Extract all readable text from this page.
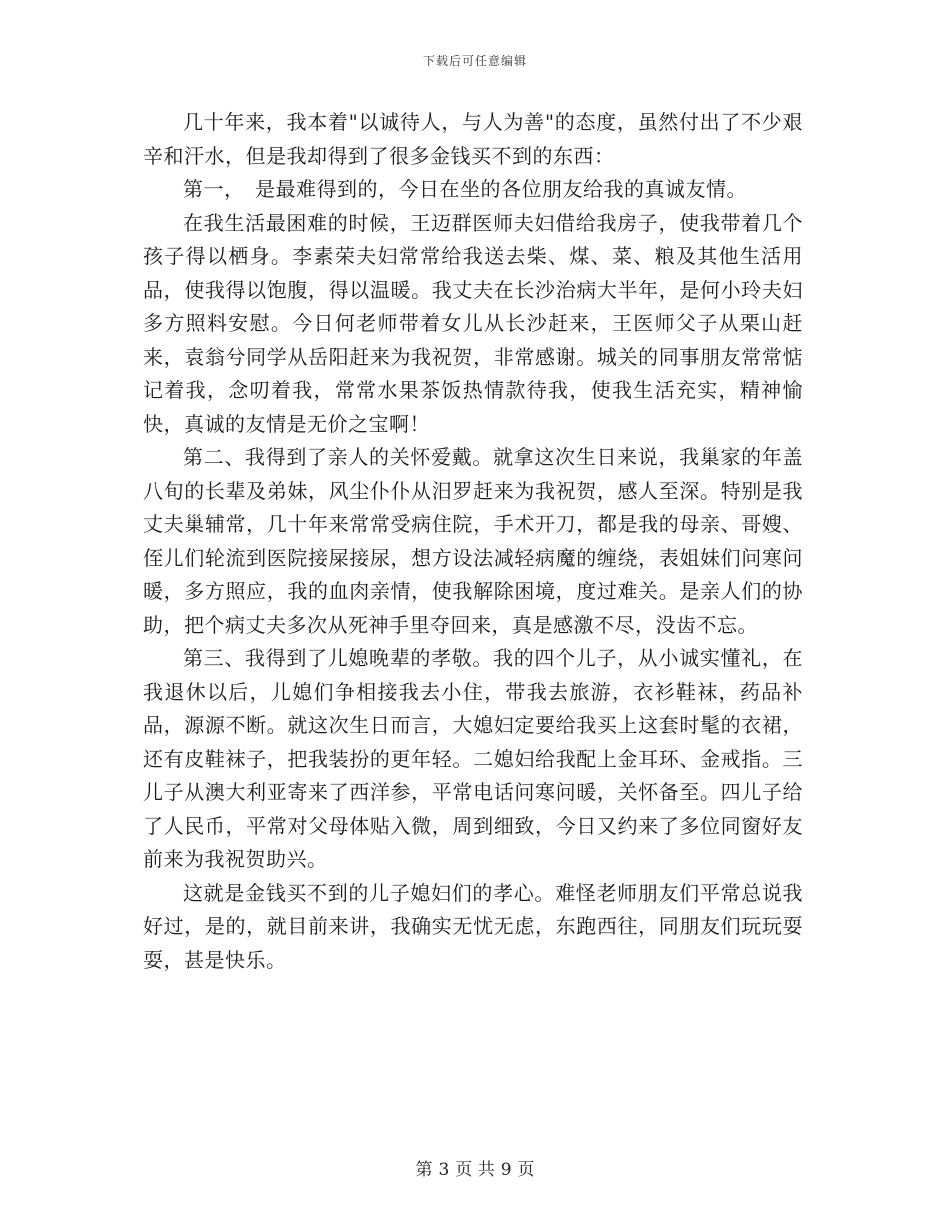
下载后可任意编辑

几十年来，我本着"以诚待人，与人为善"的态度，虽然付出了不少艰辛和汗水，但是我却得到了很多金钱买不到的东西：

第一，　是最难得到的，今日在坐的各位朋友给我的真诚友情。

在我生活最困难的时候，王迈群医师夫妇借给我房子，使我带着几个孩子得以栖身。李素荣夫妇常常给我送去柴、煤、菜、粮及其他生活用品，使我得以饱腹，得以温暖。我丈夫在长沙治病大半年，是何小玲夫妇多方照料安慰。今日何老师带着女儿从长沙赶来，王医师父子从栗山赶来，袁翁兮同学从岳阳赶来为我祝贺，非常感谢。城关的同事朋友常常惦记着我，念叨着我，常常水果茶饭热情款待我，使我生活充实，精神愉快，真诚的友情是无价之宝啊！

第二、我得到了亲人的关怀爱戴。就拿这次生日来说，我巢家的年盖八旬的长辈及弟妹，风尘仆仆从汨罗赶来为我祝贺，感人至深。特别是我丈夫巢辅常，几十年来常常受病住院，手术开刀，都是我的母亲、哥嫂、侄儿们轮流到医院接屎接尿，想方设法减轻病魔的缠绕，表姐妹们问寒问暖，多方照应，我的血肉亲情，使我解除困境，度过难关。是亲人们的协助，把个病丈夫多次从死神手里夺回来，真是感激不尽，没齿不忘。

第三、我得到了儿媳晚辈的孝敬。我的四个儿子，从小诚实懂礼，在我退休以后，儿媳们争相接我去小住，带我去旅游，衣衫鞋袜，药品补品，源源不断。就这次生日而言，大媳妇定要给我买上这套时髦的衣裙，还有皮鞋袜子，把我装扮的更年轻。二媳妇给我配上金耳环、金戒指。三儿子从澳大利亚寄来了西洋参，平常电话问寒问暖，关怀备至。四儿子给了人民币，平常对父母体贴入微，周到细致，今日又约来了多位同窗好友前来为我祝贺助兴。

这就是金钱买不到的儿子媳妇们的孝心。难怪老师朋友们平常总说我好过，是的，就目前来讲，我确实无忧无虑，东跑西往，同朋友们玩玩耍耍，甚是快乐。

第 3 页 共 9 页
